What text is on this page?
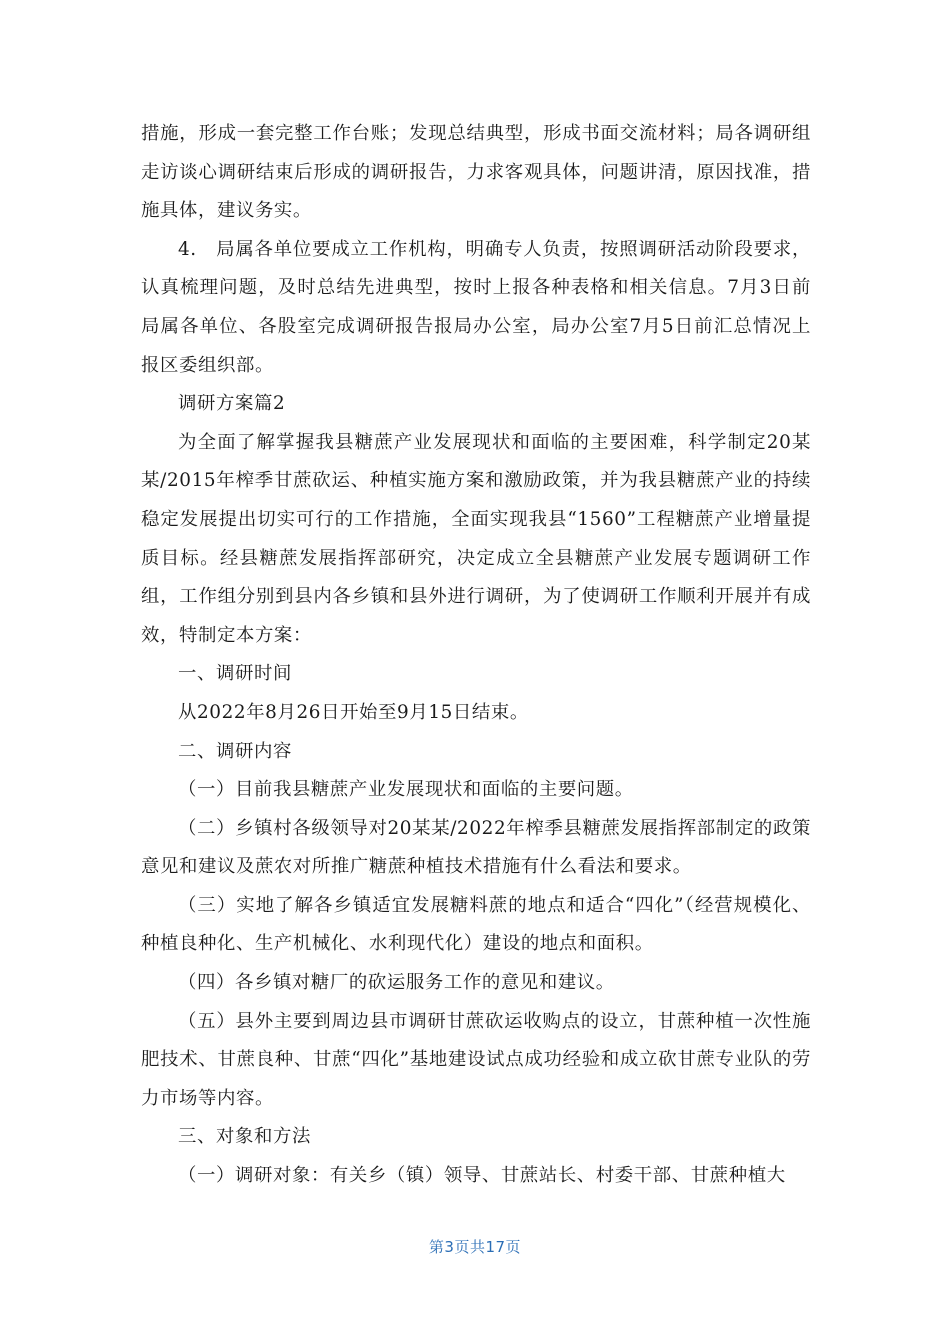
措施，形成一套完整工作台账；发现总结典型，形成书面交流材料；局各调研组走访谈心调研结束后形成的调研报告，力求客观具体，问题讲清，原因找准，措施具体，建议务实。

4.　局属各单位要成立工作机构，明确专人负责，按照调研活动阶段要求，认真梳理问题，及时总结先进典型，按时上报各种表格和相关信息。7月3日前局属各单位、各股室完成调研报告报局办公室，局办公室7月5日前汇总情况上报区委组织部。

调研方案篇2

为全面了解掌握我县糖蔗产业发展现状和面临的主要困难，科学制定20某某/2015年榨季甘蔗砍运、种植实施方案和激励政策，并为我县糖蔗产业的持续稳定发展提出切实可行的工作措施，全面实现我县“1560”工程糖蔗产业增量提质目标。经县糖蔗发展指挥部研究，决定成立全县糖蔗产业发展专题调研工作组，工作组分别到县内各乡镇和县外进行调研，为了使调研工作顺利开展并有成效，特制定本方案：

一、调研时间

从2022年8月26日开始至9月15日结束。

二、调研内容

（一）目前我县糖蔗产业发展现状和面临的主要问题。

（二）乡镇村各级领导对20某某/2022年榨季县糖蔗发展指挥部制定的政策意见和建议及蔗农对所推广糖蔗种植技术措施有什么看法和要求。

（三）实地了解各乡镇适宜发展糖料蔗的地点和适合“四化”（经营规模化、种植良种化、生产机械化、水利现代化）建设的地点和面积。

（四）各乡镇对糖厂的砍运服务工作的意见和建议。

（五）县外主要到周边县市调研甘蔗砍运收购点的设立，甘蔗种植一次性施肥技术、甘蔗良种、甘蔗“四化”基地建设试点成功经验和成立砍甘蔗专业队的劳力市场等内容。

三、对象和方法

（一）调研对象：有关乡（镇）领导、甘蔗站长、村委干部、甘蔗种植大

第3页共17页
